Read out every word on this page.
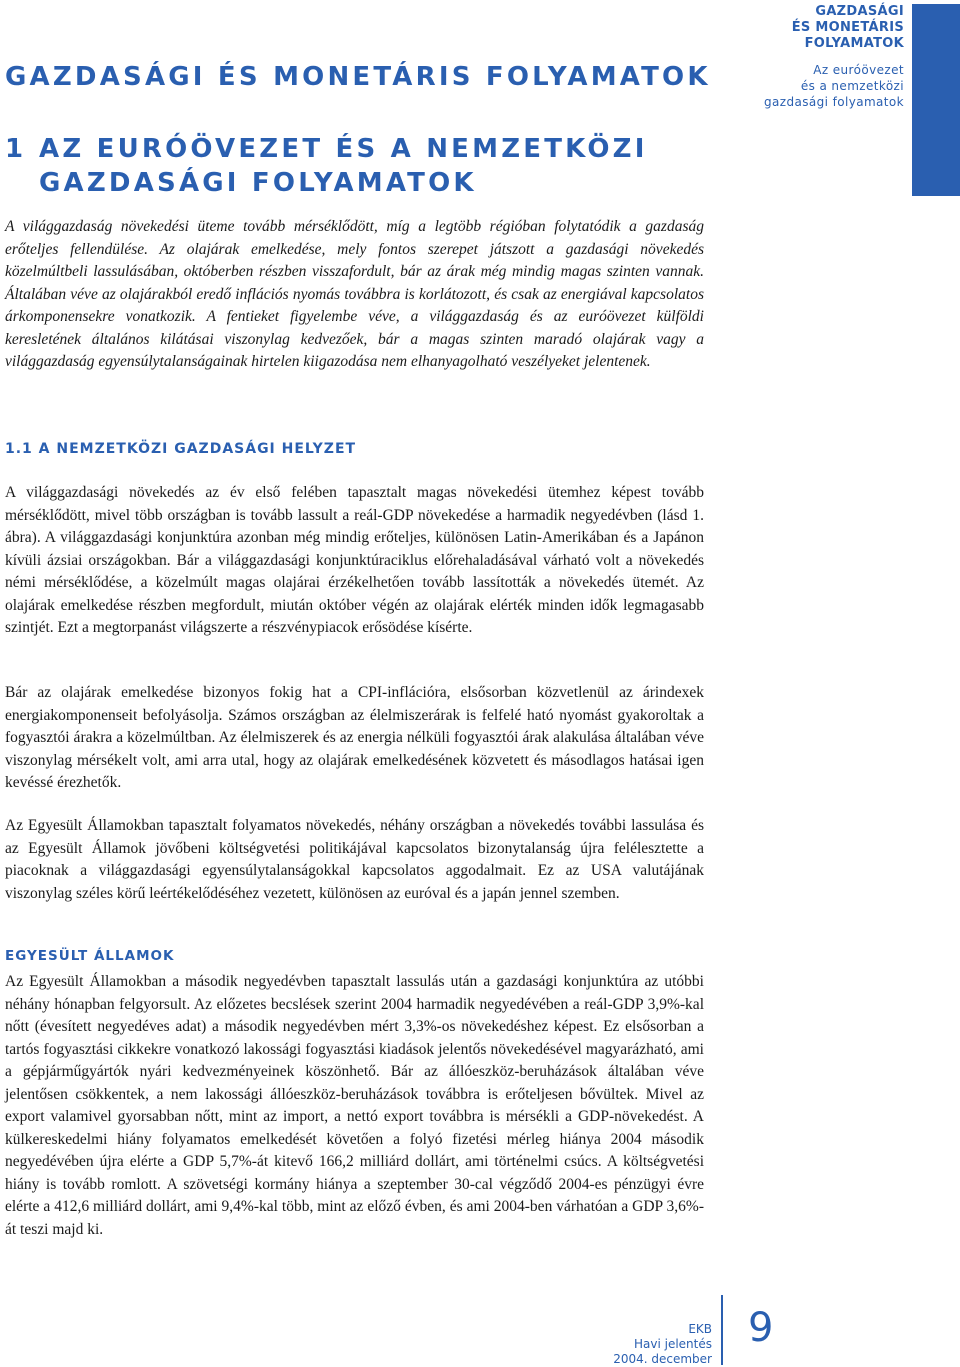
GAZDASÁGI
ÉS MONETÁRIS
FOLYAMATOK
Az euróövezet
és a nemzetközi
gazdasági folyamatok
GAZDASÁGI ÉS MONETÁRIS FOLYAMATOK
1 AZ EURÓÖVEZET ÉS A NEMZETKÖZI
GAZDASÁGI FOLYAMATOK

A világgazdaság növekedési üteme tovább mérséklődött, míg a legtöbb régióban folytatódik a gazdaság erőteljes fellendülése. Az olajárak emelkedése, mely fontos szerepet játszott a gazdasági növekedés közelmúltbeli lassulásában, októberben részben visszafordult, bár az árak még mindig magas szinten vannak. Általában véve az olajárakból eredő inflációs nyomás továbbra is korlátozott, és csak az energiával kapcsolatos árkomponensekre vonatkozik. A fentieket figyelembe véve, a világgazdaság és az euróövezet külföldi keresletének általános kilátásai viszonylag kedvezőek, bár a magas szinten maradó olajárak vagy a világgazdaság egyensúlytalanságainak hirtelen kiigazodása nem elhanyagolható veszélyeket jelentenek.

1.1 A NEMZETKÖZI GAZDASÁGI HELYZET

A világgazdasági növekedés az év első felében tapasztalt magas növekedési ütemhez képest tovább mérséklődött, mivel több országban is tovább lassult a reál-GDP növekedése a harmadik negyedévben (lásd 1. ábra). A világgazdasági konjunktúra azonban még mindig erőteljes, különösen Latin-Amerikában és a Japánon kívüli ázsiai országokban. Bár a világgazdasági konjunktúraciklus előrehaladásával várható volt a növekedés némi mérséklődése, a közelmúlt magas olajárai érzékelhetően tovább lassították a növekedés ütemét. Az olajárak emelkedése részben megfordult, miután október végén az olajárak elérték minden idők legmagasabb szintjét. Ezt a megtorpanást világszerte a részvénypiacok erősödése kísérte.

Bár az olajárak emelkedése bizonyos fokig hat a CPI-inflációra, elsősorban közvetlenül az árindexek energiakomponenseit befolyásolja. Számos országban az élelmiszerárak is felfelé ható nyomást gyakoroltak a fogyasztói árakra a közelmúltban. Az élelmiszerek és az energia nélküli fogyasztói árak alakulása általában véve viszonylag mérsékelt volt, ami arra utal, hogy az olajárak emelkedésének közvetett és másodlagos hatásai igen kevéssé érezhetők.

Az Egyesült Államokban tapasztalt folyamatos növekedés, néhány országban a növekedés további lassulása és az Egyesült Államok jövőbeni költségvetési politikájával kapcsolatos bizonytalanság újra felélesztette a piacoknak a világgazdasági egyensúlytalanságokkal kapcsolatos aggodalmait. Ez az USA valutájának viszonylag széles körű leértékelődéséhez vezetett, különösen az euróval és a japán jennel szemben.

EGYESÜLT ÁLLAMOK

Az Egyesült Államokban a második negyedévben tapasztalt lassulás után a gazdasági konjunktúra az utóbbi néhány hónapban felgyorsult. Az előzetes becslések szerint 2004 harmadik negyedévében a reál-GDP 3,9%-kal nőtt (évesített negyedéves adat) a második negyedévben mért 3,3%-os növekedéshez képest. Ez elsősorban a tartós fogyasztási cikkekre vonatkozó lakossági fogyasztási kiadások jelentős növekedésével magyarázható, ami a gépjárműgyártók nyári kedvezményeinek köszönhető. Bár az állóeszköz-beruházások általában véve jelentősen csökkentek, a nem lakossági állóeszköz-beruházások továbbra is erőteljesen bővültek. Mivel az export valamivel gyorsabban nőtt, mint az import, a nettó export továbbra is mérsékli a GDP-növekedést. A külkereskedelmi hiány folyamatos emelkedését követően a folyó fizetési mérleg hiánya 2004 második negyedévében újra elérte a GDP 5,7%-át kitevő 166,2 milliárd dollárt, ami történelmi csúcs. A költségvetési hiány is tovább romlott. A szövetségi kormány hiánya a szeptember 30-cal végződő 2004-es pénzügyi évre elérte a 412,6 milliárd dollárt, ami 9,4%-kal több, mint az előző évben, és ami 2004-ben várhatóan a GDP 3,6%-át teszi majd ki.

EKB
Havi jelentés
2004. december
9
